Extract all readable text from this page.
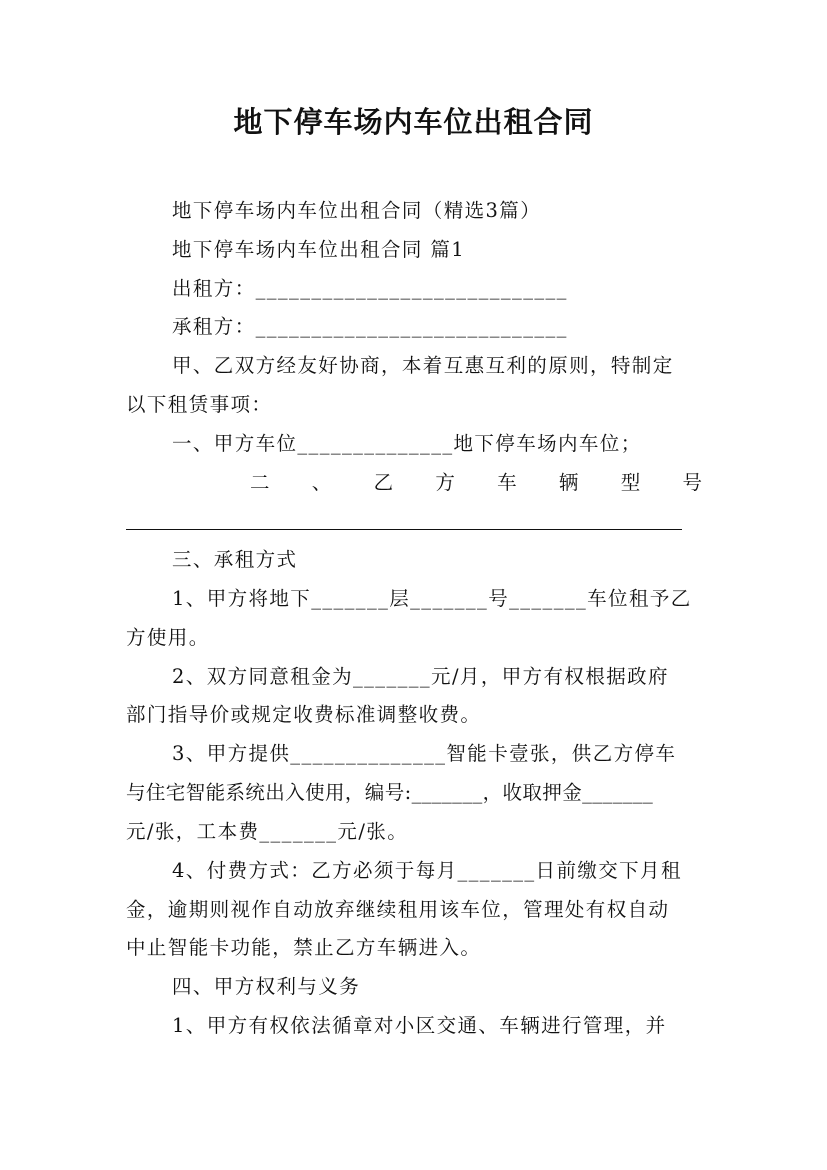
地下停车场内车位出租合同
地下停车场内车位出租合同（精选3篇）
地下停车场内车位出租合同 篇1
出租方：____________________________
承租方：____________________________
甲、乙双方经友好协商，本着互惠互利的原则，特制定
以下租赁事项：
一、甲方车位______________地下停车场内车位；
二 、 乙 方 车 辆 型 号
三、承租方式
1、甲方将地下_______层_______号_______车位租予乙
方使用。
2、双方同意租金为_______元/月，甲方有权根据政府
部门指导价或规定收费标准调整收费。
3、甲方提供______________智能卡壹张，供乙方停车
与住宅智能系统出入使用，编号:_______，收取押金_______
元/张，工本费_______元/张。
4、付费方式：乙方必须于每月_______日前缴交下月租
金，逾期则视作自动放弃继续租用该车位，管理处有权自动
中止智能卡功能，禁止乙方车辆进入。
四、甲方权利与义务
1、甲方有权依法循章对小区交通、车辆进行管理，并
